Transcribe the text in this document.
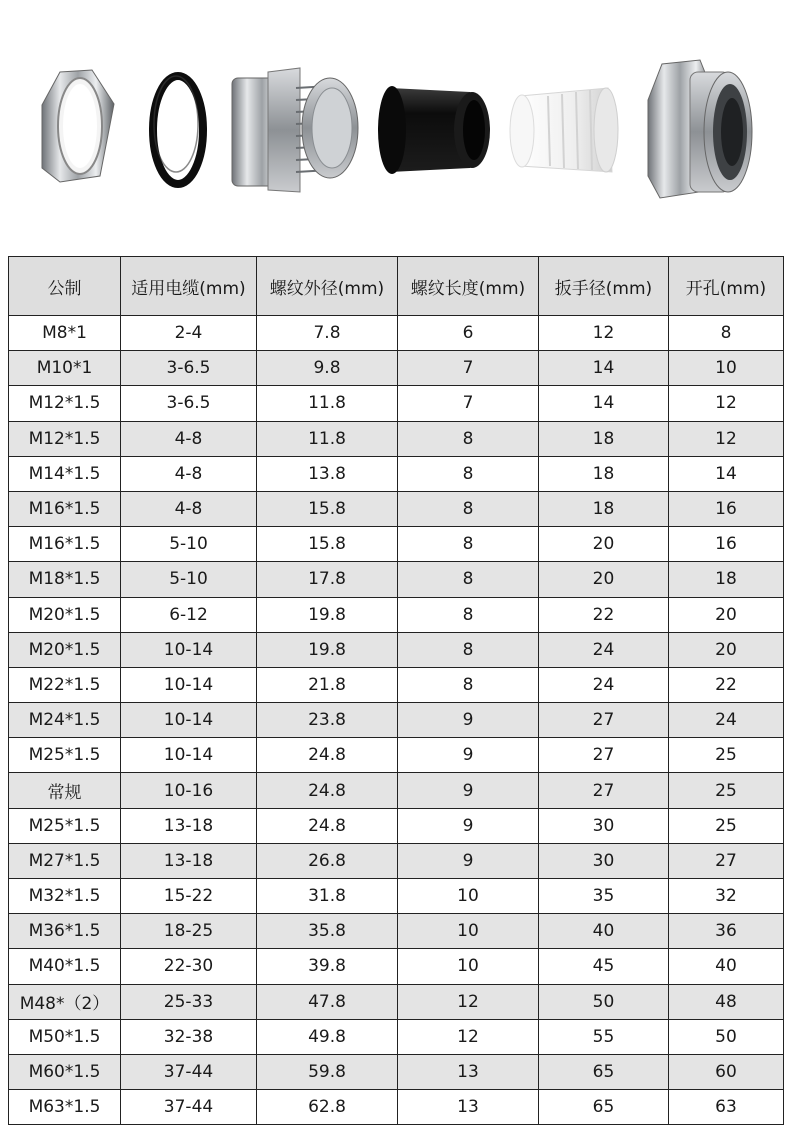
公制	适用电缆(mm)	螺纹外径(mm)	螺纹长度(mm)	扳手径(mm)	开孔(mm)
M8*1	2-4	7.8	6	12	8
M10*1	3-6.5	9.8	7	14	10
M12*1.5	3-6.5	11.8	7	14	12
M12*1.5	4-8	11.8	8	18	12
M14*1.5	4-8	13.8	8	18	14
M16*1.5	4-8	15.8	8	18	16
M16*1.5	5-10	15.8	8	20	16
M18*1.5	5-10	17.8	8	20	18
M20*1.5	6-12	19.8	8	22	20
M20*1.5	10-14	19.8	8	24	20
M22*1.5	10-14	21.8	8	24	22
M24*1.5	10-14	23.8	9	27	24
M25*1.5	10-14	24.8	9	27	25
常规	10-16	24.8	9	27	25
M25*1.5	13-18	24.8	9	30	25
M27*1.5	13-18	26.8	9	30	27
M32*1.5	15-22	31.8	10	35	32
M36*1.5	18-25	35.8	10	40	36
M40*1.5	22-30	39.8	10	45	40
M48*（2）	25-33	47.8	12	50	48
M50*1.5	32-38	49.8	12	55	50
M60*1.5	37-44	59.8	13	65	60
M63*1.5	37-44	62.8	13	65	63
